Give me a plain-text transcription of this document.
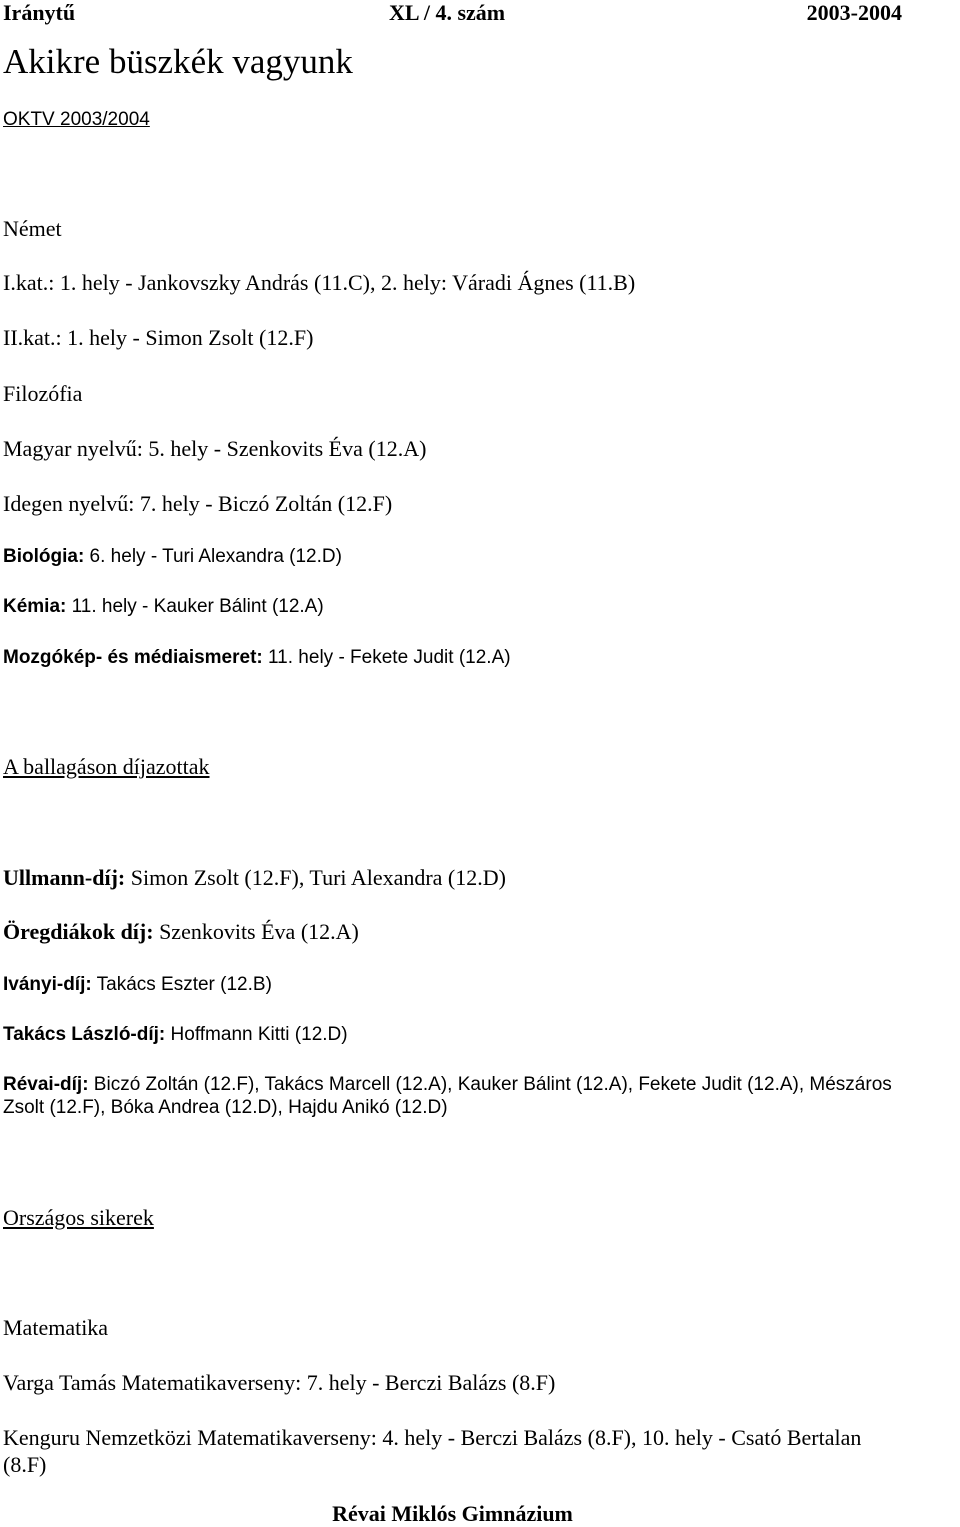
Iránytű	XL / 4. szám	2003-2004
Akikre büszkék vagyunk
OKTV 2003/2004
Német
I.kat.: 1. hely - Jankovszky András (11.C), 2. hely: Váradi Ágnes (11.B)
II.kat.: 1. hely - Simon Zsolt (12.F)
Filozófia
Magyar nyelvű: 5. hely - Szenkovits Éva (12.A)
Idegen nyelvű: 7. hely - Biczó Zoltán (12.F)
Biológia: 6. hely - Turi Alexandra (12.D)
Kémia: 11. hely - Kauker Bálint (12.A)
Mozgókép- és médiaismeret: 11. hely - Fekete Judit (12.A)
A ballagáson díjazottak
Ullmann-díj: Simon Zsolt (12.F), Turi Alexandra (12.D)
Öregdiákok díj: Szenkovits Éva (12.A)
Iványi-díj: Takács Eszter (12.B)
Takács László-díj: Hoffmann Kitti (12.D)
Révai-díj: Biczó Zoltán (12.F), Takács Marcell (12.A), Kauker Bálint (12.A), Fekete Judit (12.A), Mészáros
Zsolt (12.F), Bóka Andrea (12.D), Hajdu Anikó (12.D)
Országos sikerek
Matematika
Varga Tamás Matematikaverseny: 7. hely - Berczi Balázs (8.F)
Kenguru Nemzetközi Matematikaverseny: 4. hely - Berczi Balázs (8.F), 10. hely - Csató Bertalan
(8.F)
Révai Miklós Gimnázium
